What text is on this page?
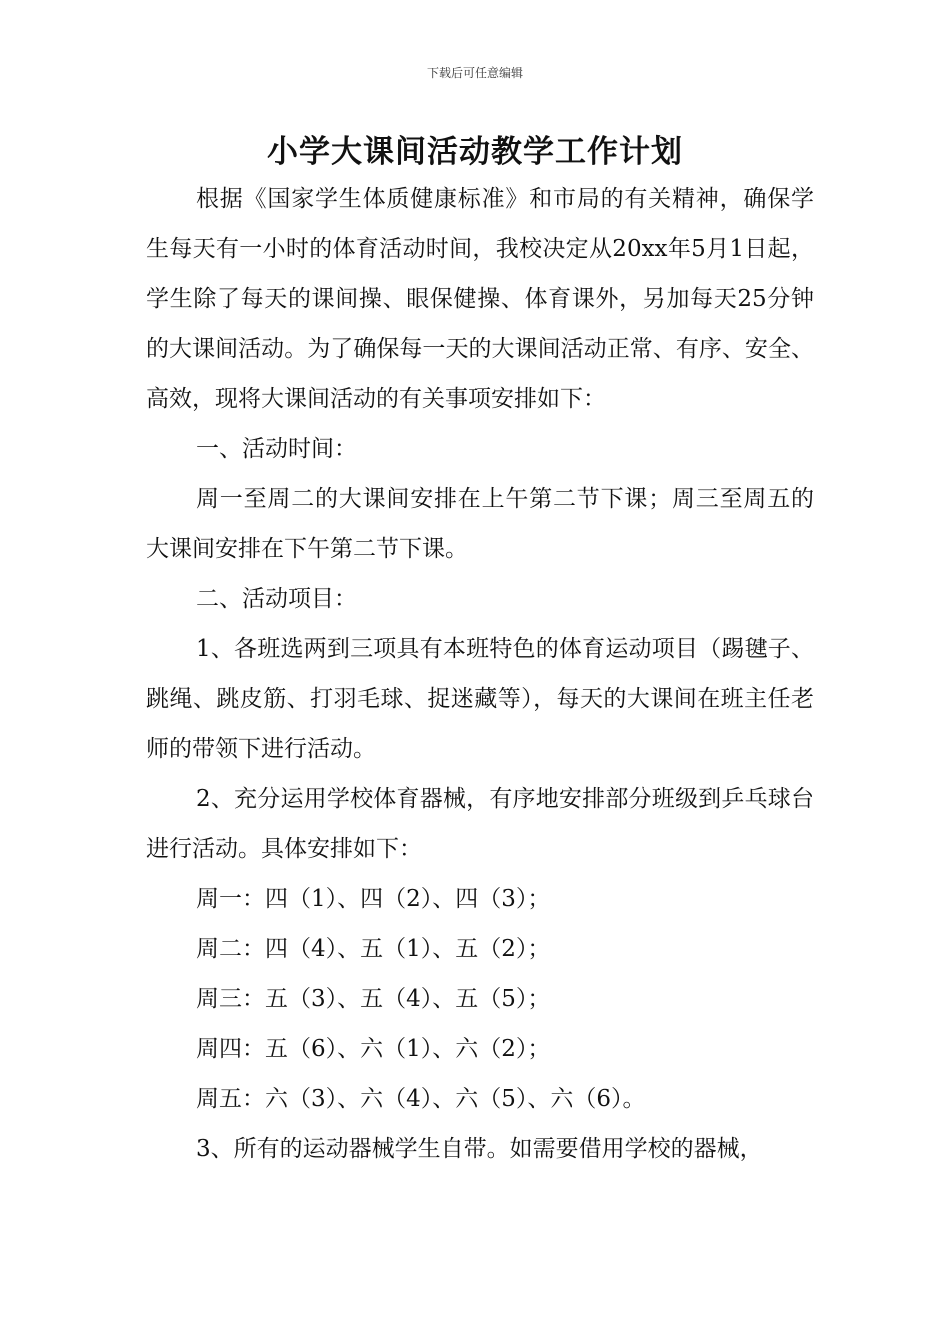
下载后可任意编辑
小学大课间活动教学工作计划

根据《国家学生体质健康标准》和市局的有关精神，确保学生每天有一小时的体育活动时间，我校决定从20xx年5月1日起，学生除了每天的课间操、眼保健操、体育课外，另加每天25分钟的大课间活动。为了确保每一天的大课间活动正常、有序、安全、高效，现将大课间活动的有关事项安排如下：

一、活动时间：

周一至周二的大课间安排在上午第二节下课；周三至周五的大课间安排在下午第二节下课。

二、活动项目：

1、各班选两到三项具有本班特色的体育运动项目（踢毽子、跳绳、跳皮筋、打羽毛球、捉迷藏等），每天的大课间在班主任老师的带领下进行活动。

2、充分运用学校体育器械，有序地安排部分班级到乒乓球台进行活动。具体安排如下：

周一：四（1）、四（2）、四（3）；

周二：四（4）、五（1）、五（2）；

周三：五（3）、五（4）、五（5）；

周四：五（6）、六（1）、六（2）；

周五：六（3）、六（4）、六（5）、六（6）。

3、所有的运动器械学生自带。如需要借用学校的器械，
